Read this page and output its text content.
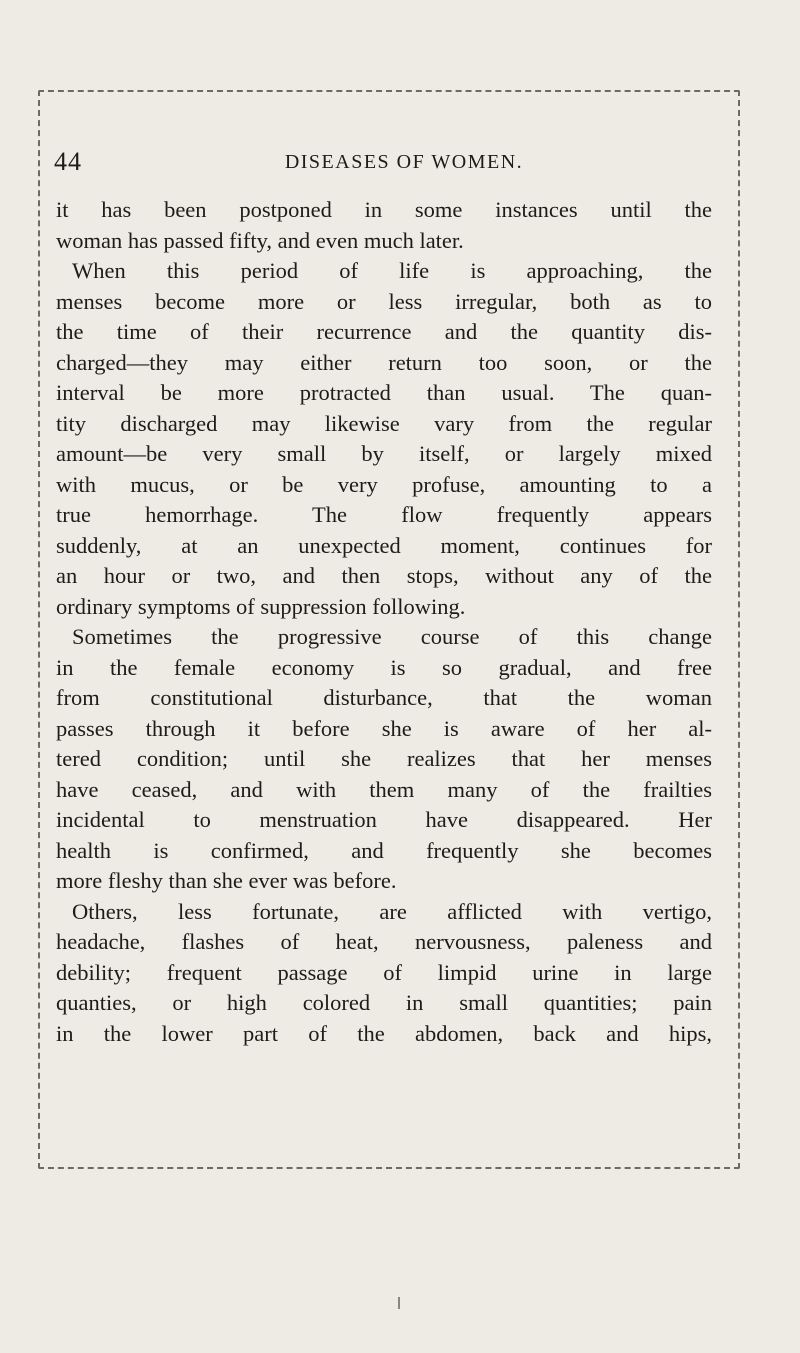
44	DISEASES OF WOMEN.
it has been postponed in some instances until the
woman has passed fifty, and even much later.
When this period of life is approaching, the
menses become more or less irregular, both as to
the time of their recurrence and the quantity dis-
charged—they may either return too soon, or the
interval be more protracted than usual. The quan-
tity discharged may likewise vary from the regular
amount—be very small by itself, or largely mixed
with mucus, or be very profuse, amounting to a
true hemorrhage. The flow frequently appears
suddenly, at an unexpected moment, continues for
an hour or two, and then stops, without any of the
ordinary symptoms of suppression following.
Sometimes the progressive course of this change
in the female economy is so gradual, and free
from constitutional disturbance, that the woman
passes through it before she is aware of her al-
tered condition; until she realizes that her menses
have ceased, and with them many of the frailties
incidental to menstruation have disappeared. Her
health is confirmed, and frequently she becomes
more fleshy than she ever was before.
Others, less fortunate, are afflicted with vertigo,
headache, flashes of heat, nervousness, paleness and
debility; frequent passage of limpid urine in large
quanties, or high colored in small quantities; pain
in the lower part of the abdomen, back and hips,
